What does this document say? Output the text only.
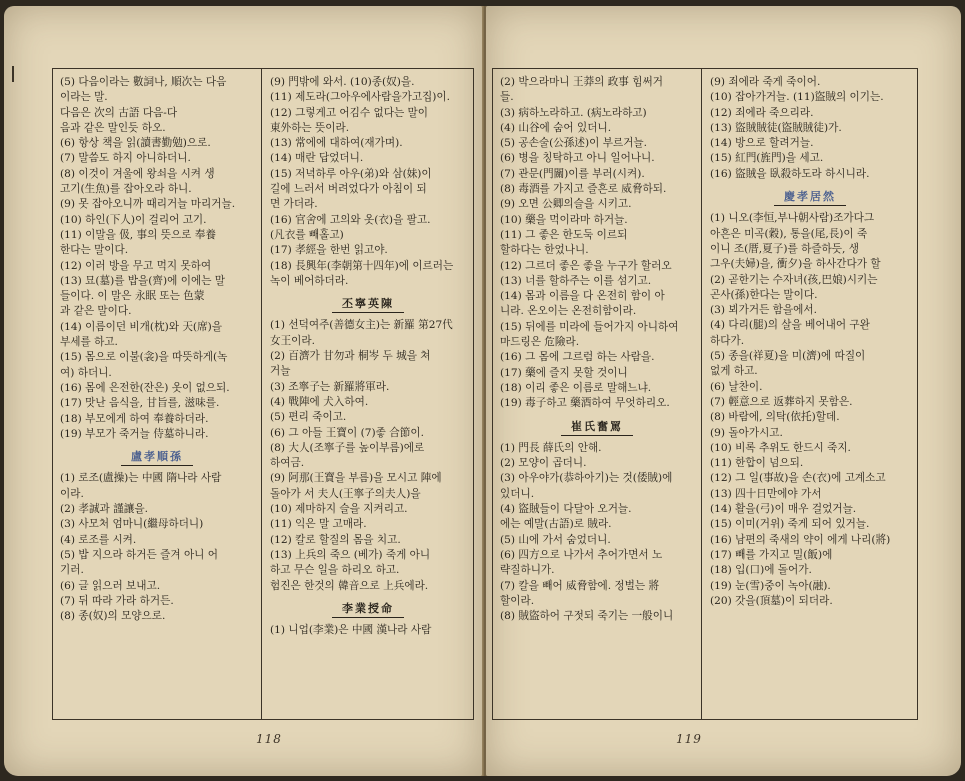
(5) 다음이라는 數詞나, 順次는 다음
이라는 말.
다음은 次의 古語 다음-다
음과 같은 말인듯 하오.
(6) 항상 책을 읽(讀書勤勉)으로.
(7) 말씀도 하지 아니하더니.
(8) 이것이 겨울에 왕쇠을 시켜 생
고기(生魚)를 잡아오라 하니.
(9) 못 잡아오니까 때리거늘 마리거늘.
(10) 하인(下人)이 걸리어 고기.
(11) 이말을 伋, 事의 뜻으로 奉養
한다는 말이다.
(12) 이러 방을 무고 먹지 못하여
(13) 묘(墓)를 밥을(齊)에 이에는 말
들이다. 이 말은 永眠 또는 色蒙
과 같은 말이다.
(14) 이름이던 비개(枕)와 天(席)을
부세를 하고.
(15) 몸으로 이불(衾)을 따뜻하게(녹
여) 하더니.
(16) 몸에 은전한(잔은) 옷이 없으되.
(17) 맛난 음식을, 甘旨를, 滋味를.
(18) 부모에게 하여 奉養하더라.
(19) 부모가 죽거늘 侍墓하니라.
盧孝順孫
(1) 로조(盧操)는 中國 隋나라 사람
이라.
(2) 孝誠과 謹讓을.
(3) 사모처 엄마니(繼母하더니)
(4) 로조를 시켜.
(5) 밥 지으라 하거든 즐겨 아니 어
기러.
(6) 글 읽으러 보내고.
(7) 뒤 따라 가라 하거든.
(8) 종(奴)의 모양으로.
(9) 門밖에 와서. (10)종(奴)을.
(11) 제도라(그아우에사람을가고집)이.
(12) 그렇게고 어김수 없다는 말이
東外하는 뜻이라.
(13) 常에에 대하여(재가며).
(14) 매란 답었더니.
(15) 저녁하루 아우(弟)와 삼(妹)이
길에 느러서 버려었다가 아침이 되
면 가더라.
(16) 官舍에 고의와 옷(衣)을 팔고.
(凡衣를 빼홀고)
(17) 孝經을 한번 읽고야.
(18) 長興年(李朝第十四年)에 이르러는
녹이 베어하더라.
丕寧英陳
(1) 선덕여주(善德女主)는 新羅 第27代
女王이라.
(2) 百濟가 甘勿과 桐岑 두 城을 쳐
거늘
(3) 조寧子는 新羅將軍라.
(4) 戰陣에 犬入하여.
(5) 편리 죽이고.
(6) 그 아들 王寶이 (7)좋 合節이.
(8) 大人(조寧子를 높이부름)에로
하여금.
(9) 阿那(王寶을 부름)을 모시고 陣에
돌아가 서 夫人(王寧子의夫人)을
(10) 제마하지 슬을 지켜리고.
(11) 익은 말 고매라.
(12) 칼로 할질의 몸을 치고.
(13) 上兵의 죽으 (베가) 죽게 아니
하고 무슨 일을 하리오 하고.
험진은 한것의 韓音으로 上兵에라.
李業授命
(1) 니업(李業)은 中國 漢나라 사람
118
(2) 박으라마니 王莽의 政事 힘써거
들.
(3) 病하노라하고. (病노라하고)
(4) 山谷에 숨어 있더니.
(5) 공손술(公孫述)이 부르거늘.
(6) 병을 칭탁하고 아니 일어나니.
(7) 관문(門關)이를 부러(시켜).
(8) 毒酒를 가지고 즐흔로 威脅하되.
(9) 오면 公卿의슬을 시키고.
(10) 藥을 먹이라마 하거늘.
(11) 그 좋은 한도둑 이르되
할하다는 한었나니.
(12) 그르더 좋은 좋을 누구가 할러오
(13) 너를 할하주는 이를 섬기고.
(14) 몸과 이름을 다 온전히 함이 아
니라. 온오이는 온전히함이라.
(15) 뒤에를 미라에 들어가지 아니하여
마드링은 危險라.
(16) 그 몸에 그르럼 하는 사람을.
(17) 藥에 즐지 못할 것이니
(18) 이리 좋은 이름로 말해느냐.
(19) 毒子하고 藥酒하여 무엇하리오.
崔氏奮罵
(1) 門長 薛氏의 안해.
(2) 모양이 곱더니.
(3) 아우야가(恭하아기)는 것(倭賊)에
있더니.
(4) 盜賊들이 다달아 오거늘.
에는 예말(古語)로 賊라.
(5) 山에 가서 숨었더니.
(6) 四方으로 나가서 추어가면서 노
략질하니가.
(7) 칼을 빼어 威脅함에. 정벌는 將
할이라.
(8) 賊盜하어 구젓되 죽기는 一般이니
(9) 죄에라 죽게 죽이어.
(10) 잡아가거늘. (11)盜賊의 이기는.
(12) 죄에라 죽으리라.
(13) 盜賊賊徒(盜賊賊徒)가.
(14) 방으로 할려거늘.
(15) 紅門(旌門)을 세고.
(16) 盜賊을 臥殺하도라 하시니라.
慶孝居然
(1) 니오(李恒,부나朝사람)조가다그
아흔은 미곡(穀), 통을(尾,長)이 죽
이니 조(厝,夏子)를 하즐하듯, 생
그우(夫婦)을, 衝夕)을 하사간다가 할
(2) 곧한기는 수자녀(孩,巴娘)시키는
곤사(孫)한다는 말이다.
(3) 뵈가거든 함을에서.
(4) 다리(腿)의 살을 베어내어 구완
하다가.
(5) 종을(祥夏)을 미(濟)에 따질이
없게 하고.
(6) 날찬이.
(7) 輕意으로 返葬하지 못함은.
(8) 바람에, 의탁(依托)할데.
(9) 돌아가시고.
(10) 비록 추위도 한드시 죽지.
(11) 한합이 넘으되.
(12) 그 일(事故)을 손(衣)에 고계소고
(13) 四十日만에야 가서
(14) 활을(弓)이 매우 걸었거늘.
(15) 이미(거위) 죽게 되어 있거늘.
(16) 남편의 죽새의 약이 에게 나리(將)
(17) 빼를 가지고 밀(飯)에
(18) 입(口)에 돌어가.
(19) 눈(雪)중이 녹아(融).
(20) 갓을(頂墓)이 되더라.
119
